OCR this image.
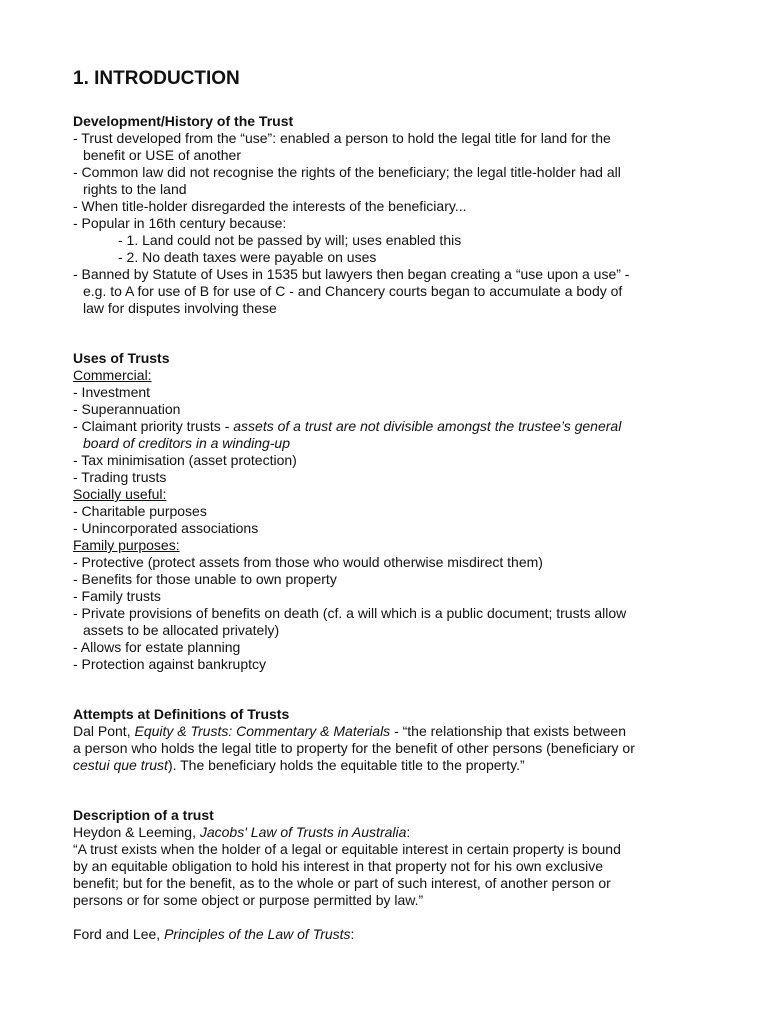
1. INTRODUCTION
Development/History of the Trust
- Trust developed from the “use”: enabled a person to hold the legal title for land for the
benefit or USE of another
- Common law did not recognise the rights of the beneficiary; the legal title-holder had all
rights to the land
- When title-holder disregarded the interests of the beneficiary...
- Popular in 16th century because:
- 1. Land could not be passed by will; uses enabled this
- 2. No death taxes were payable on uses
- Banned by Statute of Uses in 1535 but lawyers then began creating a “use upon a use” -
e.g. to A for use of B for use of C - and Chancery courts began to accumulate a body of
law for disputes involving these
Uses of Trusts
Commercial:
- Investment
- Superannuation
- Claimant priority trusts - assets of a trust are not divisible amongst the trustee’s general
board of creditors in a winding-up
- Tax minimisation (asset protection)
- Trading trusts
Socially useful:
- Charitable purposes
- Unincorporated associations
Family purposes:
- Protective (protect assets from those who would otherwise misdirect them)
- Benefits for those unable to own property
- Family trusts
- Private provisions of benefits on death (cf. a will which is a public document; trusts allow
assets to be allocated privately)
- Allows for estate planning
- Protection against bankruptcy
Attempts at Definitions of Trusts
Dal Pont, Equity & Trusts: Commentary & Materials - “the relationship that exists between
a person who holds the legal title to property for the benefit of other persons (beneficiary or
cestui que trust). The beneficiary holds the equitable title to the property.”
Description of a trust
Heydon & Leeming, Jacobs' Law of Trusts in Australia:
“A trust exists when the holder of a legal or equitable interest in certain property is bound
by an equitable obligation to hold his interest in that property not for his own exclusive
benefit; but for the benefit, as to the whole or part of such interest, of another person or
persons or for some object or purpose permitted by law.”
Ford and Lee, Principles of the Law of Trusts:
